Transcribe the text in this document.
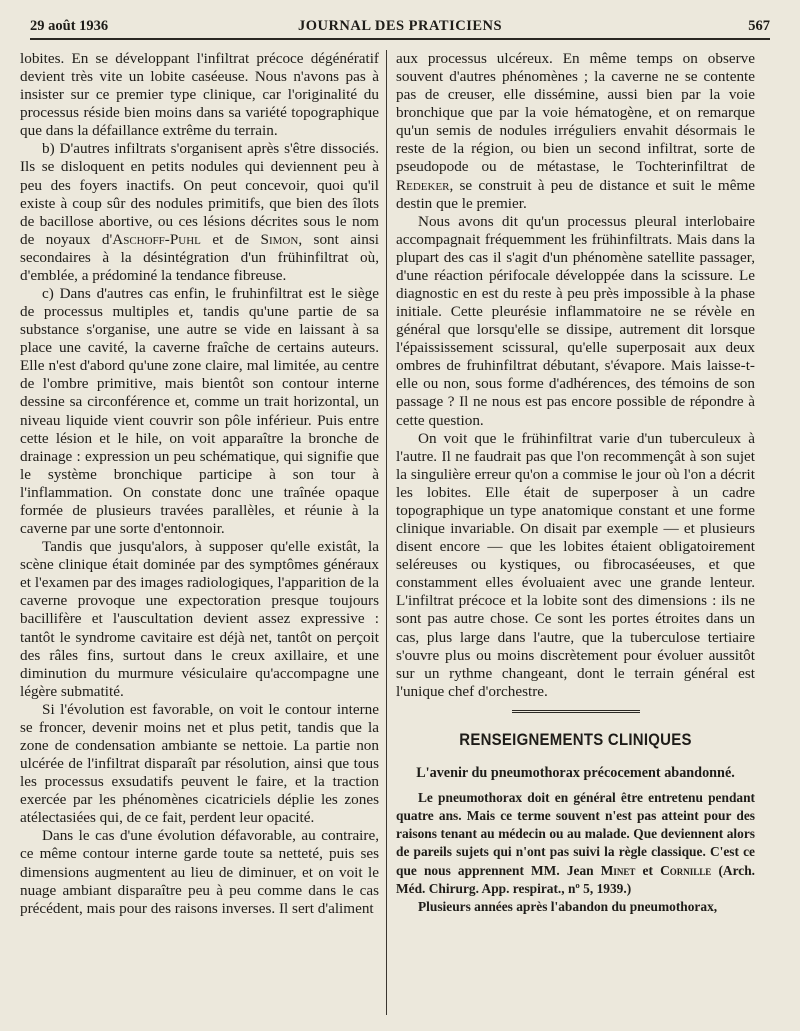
29 août 1936	JOURNAL DES PRATICIENS	567

lobites. En se développant l'infiltrat précoce dégénératif devient très vite un lobite caséeuse. Nous n'avons pas à insister sur ce premier type clinique, car l'originalité du processus réside bien moins dans sa variété topographique que dans la défaillance extrême du terrain.

b) D'autres infiltrats s'organisent après s'être dissociés. Ils se disloquent en petits nodules qui deviennent peu à peu des foyers inactifs. On peut concevoir, quoi qu'il existe à coup sûr des nodules primitifs, que bien des îlots de bacillose abortive, ou ces lésions décrites sous le nom de noyaux d'Aschoff-Puhl et de Simon, sont ainsi secondaires à la désintégration d'un frühinfiltrat où, d'emblée, a prédominé la tendance fibreuse.

c) Dans d'autres cas enfin, le fruhinfiltrat est le siège de processus multiples et, tandis qu'une partie de sa substance s'organise, une autre se vide en laissant à sa place une cavité, la caverne fraîche de certains auteurs. Elle n'est d'abord qu'une zone claire, mal limitée, au centre de l'ombre primitive, mais bientôt son contour interne dessine sa circonférence et, comme un trait horizontal, un niveau liquide vient couvrir son pôle inférieur. Puis entre cette lésion et le hile, on voit apparaître la bronche de drainage : expression un peu schématique, qui signifie que le système bronchique participe à son tour à l'inflammation. On constate donc une traînée opaque formée de plusieurs travées parallèles, et réunie à la caverne par une sorte d'entonnoir.

Tandis que jusqu'alors, à supposer qu'elle existât, la scène clinique était dominée par des symptômes généraux et l'examen par des images radiologiques, l'apparition de la caverne provoque une expectoration presque toujours bacillifère et l'auscultation devient assez expressive : tantôt le syndrome cavitaire est déjà net, tantôt on perçoit des râles fins, surtout dans le creux axillaire, et une diminution du murmure vésiculaire qu'accompagne une légère submatité.

Si l'évolution est favorable, on voit le contour interne se froncer, devenir moins net et plus petit, tandis que la zone de condensation ambiante se nettoie. La partie non ulcérée de l'infiltrat disparaît par résolution, ainsi que tous les processus exsudatifs peuvent le faire, et la traction exercée par les phénomènes cicatriciels déplie les zones atélectasiées qui, de ce fait, perdent leur opacité.

Dans le cas d'une évolution défavorable, au contraire, ce même contour interne garde toute sa netteté, puis ses dimensions augmentent au lieu de diminuer, et on voit le nuage ambiant disparaître peu à peu comme dans le cas précédent, mais pour des raisons inverses. Il sert d'aliment

aux processus ulcéreux. En même temps on observe souvent d'autres phénomènes ; la caverne ne se contente pas de creuser, elle dissémine, aussi bien par la voie bronchique que par la voie hématogène, et on remarque qu'un semis de nodules irréguliers envahit désormais le reste de la région, ou bien un second infiltrat, sorte de pseudopode ou de métastase, le Tochterinfiltrat de Redeker, se construit à peu de distance et suit le même destin que le premier.

Nous avons dit qu'un processus pleural interlobaire accompagnait fréquemment les frühinfiltrats. Mais dans la plupart des cas il s'agit d'un phénomène satellite passager, d'une réaction périfocale développée dans la scissure. Le diagnostic en est du reste à peu près impossible à la phase initiale. Cette pleurésie inflammatoire ne se révèle en général que lorsqu'elle se dissipe, autrement dit lorsque l'épaississement scissural, qu'elle superposait aux deux ombres de fruhinfiltrat débutant, s'évapore. Mais laisse-t-elle ou non, sous forme d'adhérences, des témoins de son passage ? Il ne nous est pas encore possible de répondre à cette question.

On voit que le frühinfiltrat varie d'un tuberculeux à l'autre. Il ne faudrait pas que l'on recommençât à son sujet la singulière erreur qu'on a commise le jour où l'on a décrit les lobites. Elle était de superposer à un cadre topographique un type anatomique constant et une forme clinique invariable. On disait par exemple — et plusieurs disent encore — que les lobites étaient obligatoirement seléreuses ou kystiques, ou fibrocaséeuses, et que constamment elles évoluaient avec une grande lenteur. L'infiltrat précoce et la lobite sont des dimensions : ils ne sont pas autre chose. Ce sont les portes étroites dans un cas, plus large dans l'autre, que la tuberculose tertiaire s'ouvre plus ou moins discrètement pour évoluer aussitôt sur un rythme changeant, dont le terrain général est l'unique chef d'orchestre.

RENSEIGNEMENTS CLINIQUES
L'avenir du pneumothorax précocement abandonné.

Le pneumothorax doit en général être entretenu pendant quatre ans. Mais ce terme souvent n'est pas atteint pour des raisons tenant au médecin ou au malade. Que deviennent alors de pareils sujets qui n'ont pas suivi la règle classique. C'est ce que nous apprennent MM. Jean Minet et Cornille (Arch. Méd. Chirurg. App. respirat., nº 5, 1939.)

Plusieurs années après l'abandon du pneumothorax,
